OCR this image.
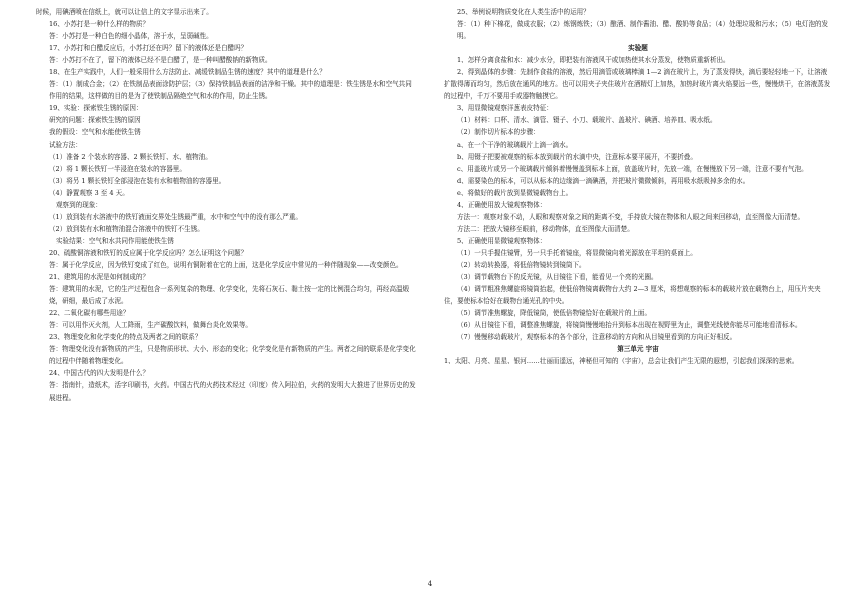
时候，用碘酒喷在信纸上，就可以让信上的文字显示出来了。

16、小苏打是一种什么样的物质？

答：小苏打是一种白色的细小晶体，溶于水，呈弱碱性。

17、小苏打和白醋反应后，小苏打还在吗？留下的液体还是白醋吗？

答：小苏打不在了，留下的液体已经不是白醋了，是一种叫醋酸钠的新物质。

18、在生产实践中，人们一般采用什么方法防止、减缓铁制品生锈的速度？其中的道理是什么？

答：（1）制成合金；（2）在铁制品表面涂防护层；（3）保持铁制品表面的洁净和干燥。其中的道理是：铁生锈是水和空气共同作用的结果，这样做的目的是为了使铁制品隔绝空气和水的作用，防止生锈。

19、实验：探索铁生锈的原因：

研究的问题：探索铁生锈的原因

我的假设：空气和水能使铁生锈

试验方法：

（1）准备 2 个装水的容器、2 颗长铁钉、水、植物油。

（2）将 1 颗长铁钉一半浸泡在装水的容器里。

（3）将另 1 颗长铁钉全部浸泡在装有水和植物油的容器里。

（4）静置观察 3 至 4 天。

观察到的现象：

（1）放到装有水溶液中的铁钉液面交界处生锈最严重，水中和空气中的没有那么严重。

（2）放到装有水和植物油混合溶液中的铁钉不生锈。

实验结果：空气和水共同作用能使铁生锈

20、硫酸铜溶液和铁钉的反应属于化学反应吗？怎么证明这个问题？

答：属于化学反应，因为铁钉变成了红色，说明有铜附着在它的上面，这是化学反应中常见的一种伴随现象——改变颜色。

21、建筑用的水泥是如何制成的？

答：建筑用的水泥，它的生产过程包含一系列复杂的物理、化学变化，先将石灰石、黏土按一定的比例混合均匀，再经高温煅烧，研细，最后成了水泥。

22、二氧化碳有哪些用途？

答：可以用作灭火剂，人工降雨，生产碳酸饮料，做舞台炎化效果等。

23、物理变化和化学变化的特点及两者之间的联系？

答：物理变化没有新物质的产生，只是物质形状、大小、形态的变化；化学变化是有新物质的产生。两者之间的联系是化学变化的过程中伴随着物理变化。

24、中国古代的四大发明是什么？

答：指南针，造纸术，活字印刷书，火药。中国古代的火药技术经过（印度）传入阿拉伯，火药的发明大大推进了世界历史的发展进程。

25、举例说明物质变化在人类生活中的运用？

答：（1）种下棉花，做成衣服；（2）炼钢炼铁；（3）酿酒、制作酱油、醋、酸奶等食品；（4）处理垃圾和污水；（5）电灯泡的发明。

实验题

1、怎样分离食盐和水：减少水分，即把装有溶液风干或加热使其水分蒸发，使物质重新析出。

2、得到晶体的步骤：先制作食盐的溶液，然后用滴管或玻璃棒滴 1—2 滴在玻片上，为了蒸发得快，滴后要轻轻地一下，让溶液扩散得薄而均匀，然后放在通风的地方。也可以用夹子夹住玻片在酒精灯上加热，加热时玻片离火焰要远一些，慢慢烘干，在溶液蒸发的过程中，千万不要用手或器物触摸它。

3、用显微镜观察洋葱表皮特征：

（1）材料：口杯、清水、滴管、镊子、小刀、载玻片、盖玻片、碘酒、培养皿、吸水纸。

（2）制作切片标本的步骤：

a、在一个干净的玻璃载片上滴一滴水。

b、用镊子把要被观察的标本放到载片的水滴中央，注意标本要平展开，不要折叠。

c、用盖玻片或另一个玻璃载片倾斜着慢慢盖到标本上面，放盖玻片时，先放一端，在慢慢放下另一端，注意不要有气泡。

d、需要染色的标本，可以从标本的边缘滴一滴碘酒，并把玻片微微倾斜，再用吸水纸吸掉多余的水。

e、将做好的载片放到显微镜载物台上。

4、正确使用放大镜观察物体：

方法一：观察对象不动，人眼和观察对象之间的距离不变，手持放大镜在物体和人眼之间来回移动，直至图像大而清楚。

方法二：把放大镜移至眼前，移动物体，直至图像大而清楚。

5、正确使用显微镜观察物体：

（1）一只手握住镜臂，另一只手托着镜座，将显微镜向着光源放在平坦的桌面上。

（2）转动转换器，将低倍物镜转到镜筒下。

（3）调节载物台下的反光镜，从目镜往下看，能看见一个亮的光圈。

（4）调节粗准焦螺旋将镜筒抬起，使低倍物镜离载物台大约 2—3 厘米，将想观察的标本的载玻片放在载物台上，用压片夹夹住，要使标本恰好在载物台通光孔的中央。

（5）调节准焦螺旋，降低镜筒，使低倍物镜恰好在载玻片的上面。

（6）从目镜往下看，调整准焦螺旋，将镜筒慢慢地抬升到标本出现在视野里为止，调整光线使你能尽可能地看清标本。

（7）慢慢移动载玻片，观察标本的各个部分，注意移动的方向和从目镜里看到的方向正好相反。

第三单元 宇宙

1、太阳、月亮、星星、银河……壮丽而遥远，神秘但可知的（宇宙），总会让我们产生无限的遐想，引起我们深深的思索。

4
